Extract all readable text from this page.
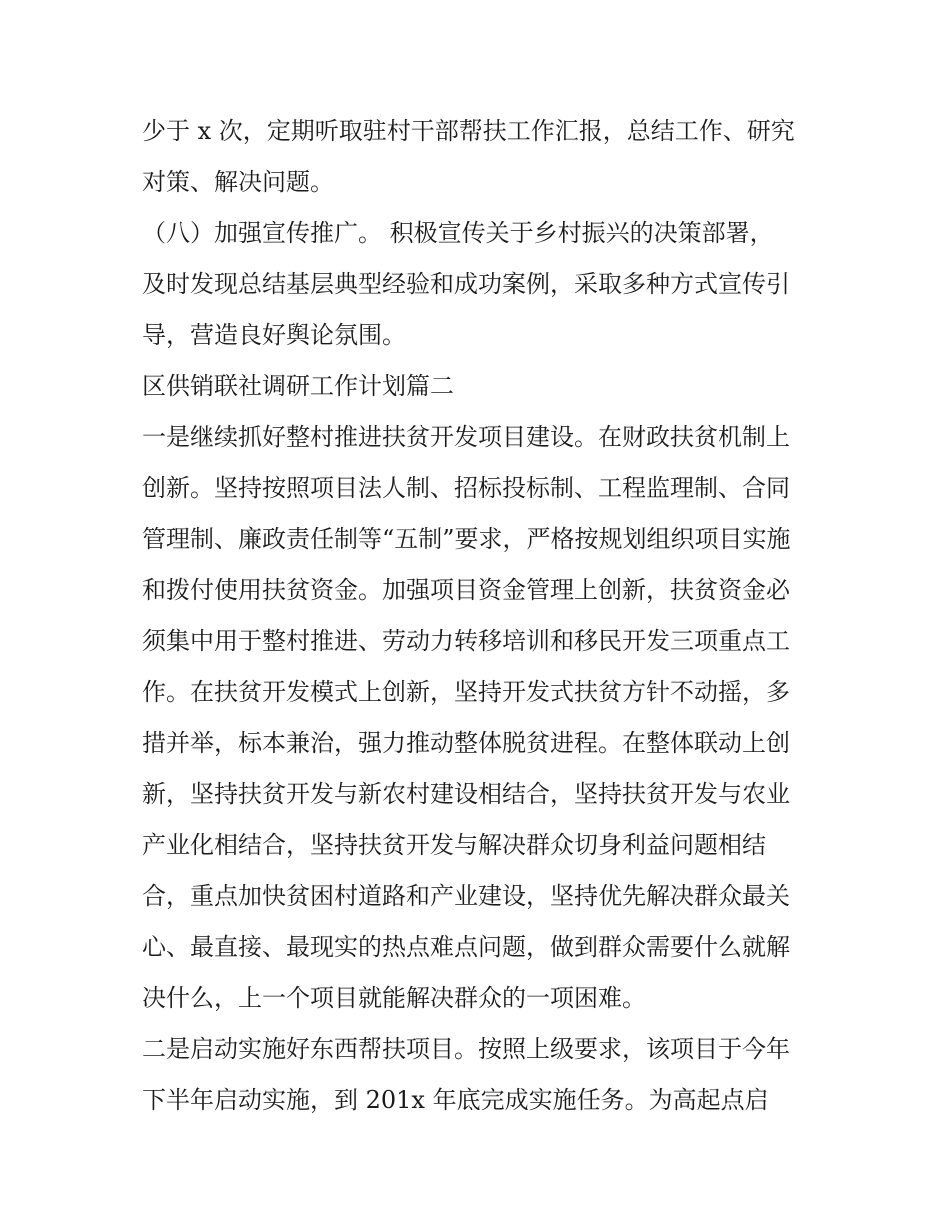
少于 x 次，定期听取驻村干部帮扶工作汇报，总结工作、研究
对策、解决问题。
（八）加强宣传推广。 积极宣传关于乡村振兴的决策部署，
及时发现总结基层典型经验和成功案例，采取多种方式宣传引
导，营造良好舆论氛围。
区供销联社调研工作计划篇二
一是继续抓好整村推进扶贫开发项目建设。在财政扶贫机制上
创新。坚持按照项目法人制、招标投标制、工程监理制、合同
管理制、廉政责任制等“五制”要求，严格按规划组织项目实施
和拨付使用扶贫资金。加强项目资金管理上创新，扶贫资金必
须集中用于整村推进、劳动力转移培训和移民开发三项重点工
作。在扶贫开发模式上创新，坚持开发式扶贫方针不动摇，多
措并举，标本兼治，强力推动整体脱贫进程。在整体联动上创
新，坚持扶贫开发与新农村建设相结合，坚持扶贫开发与农业
产业化相结合，坚持扶贫开发与解决群众切身利益问题相结
合，重点加快贫困村道路和产业建设，坚持优先解决群众最关
心、最直接、最现实的热点难点问题，做到群众需要什么就解
决什么，上一个项目就能解决群众的一项困难。
二是启动实施好东西帮扶项目。按照上级要求，该项目于今年
下半年启动实施，到 201x 年底完成实施任务。为高起点启
